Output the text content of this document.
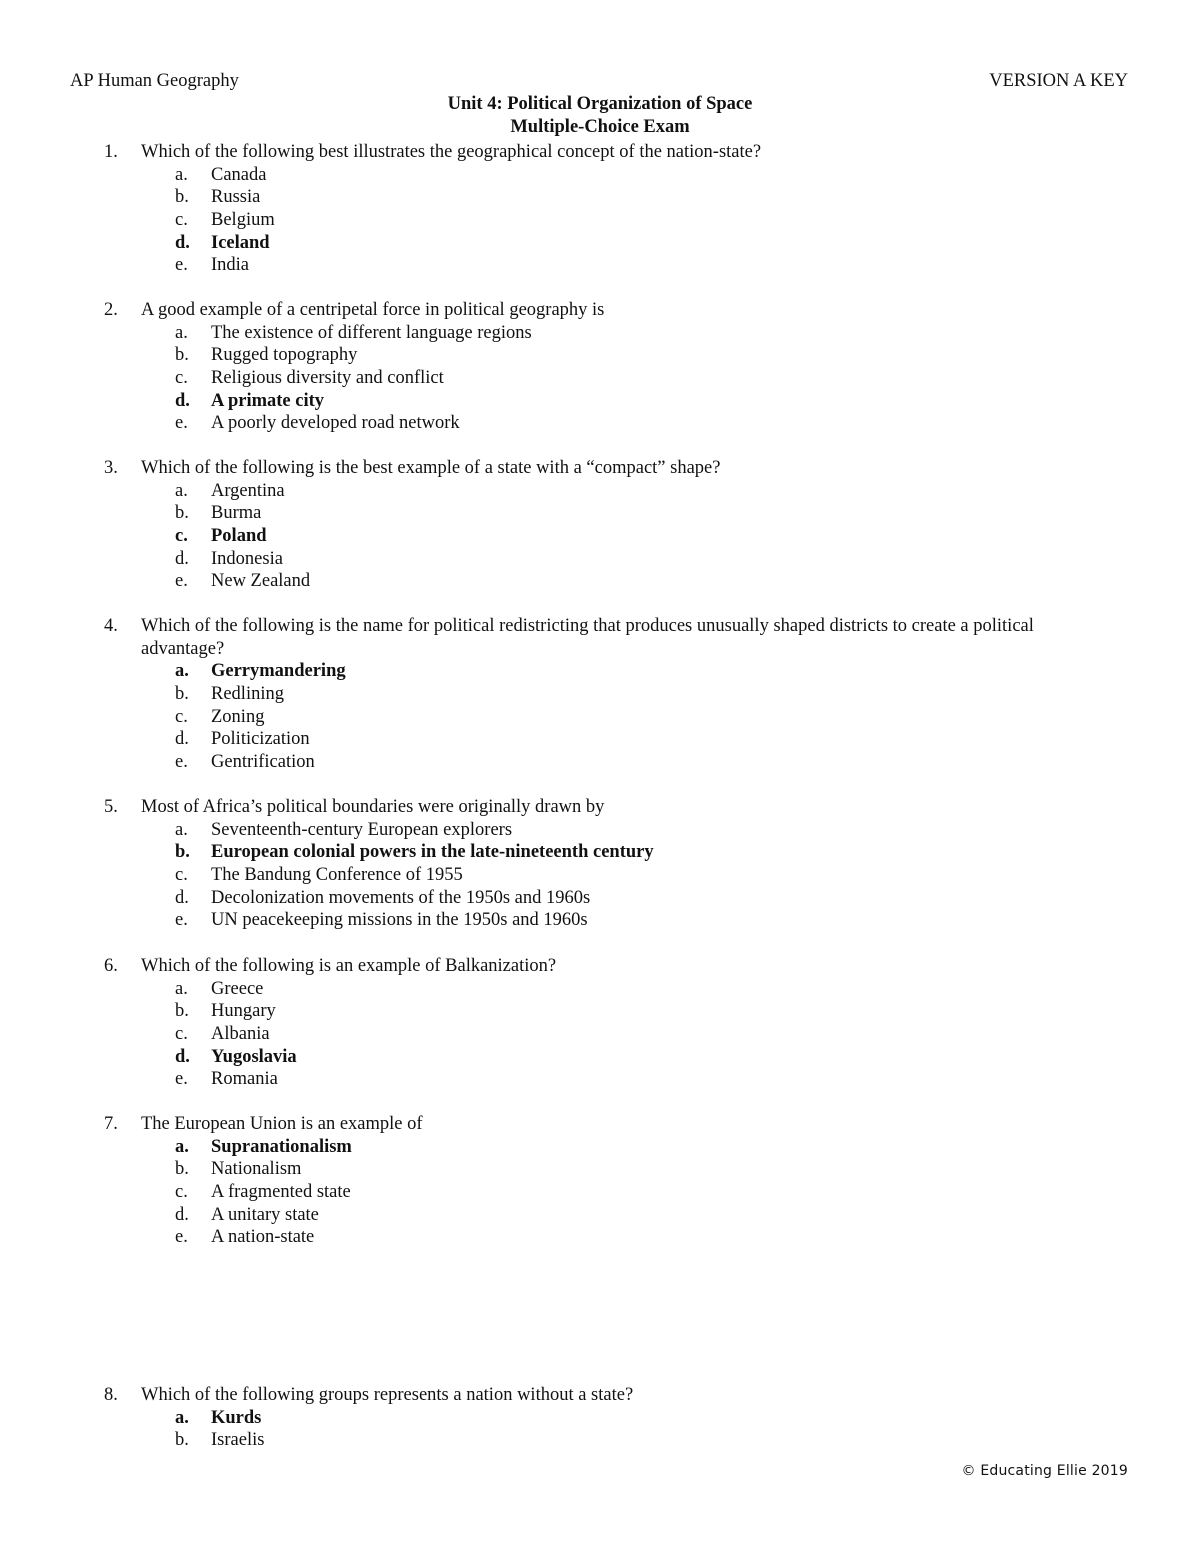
AP Human Geography	VERSION A KEY
Unit 4: Political Organization of Space
Multiple-Choice Exam
1.	Which of the following best illustrates the geographical concept of the nation-state?
a. Canada
b. Russia
c. Belgium
d. Iceland
e. India
2.	A good example of a centripetal force in political geography is
a. The existence of different language regions
b. Rugged topography
c. Religious diversity and conflict
d. A primate city
e. A poorly developed road network
3.	Which of the following is the best example of a state with a “compact” shape?
a. Argentina
b. Burma
c. Poland
d. Indonesia
e. New Zealand
4.	Which of the following is the name for political redistricting that produces unusually shaped districts to create a political advantage?
a. Gerrymandering
b. Redlining
c. Zoning
d. Politicization
e. Gentrification
5.	Most of Africa’s political boundaries were originally drawn by
a. Seventeenth-century European explorers
b. European colonial powers in the late-nineteenth century
c. The Bandung Conference of 1955
d. Decolonization movements of the 1950s and 1960s
e. UN peacekeeping missions in the 1950s and 1960s
6.	Which of the following is an example of Balkanization?
a. Greece
b. Hungary
c. Albania
d. Yugoslavia
e. Romania
7.	The European Union is an example of
a. Supranationalism
b. Nationalism
c. A fragmented state
d. A unitary state
e. A nation-state
8.	Which of the following groups represents a nation without a state?
a. Kurds
b. Israelis
© Educating Ellie 2019
